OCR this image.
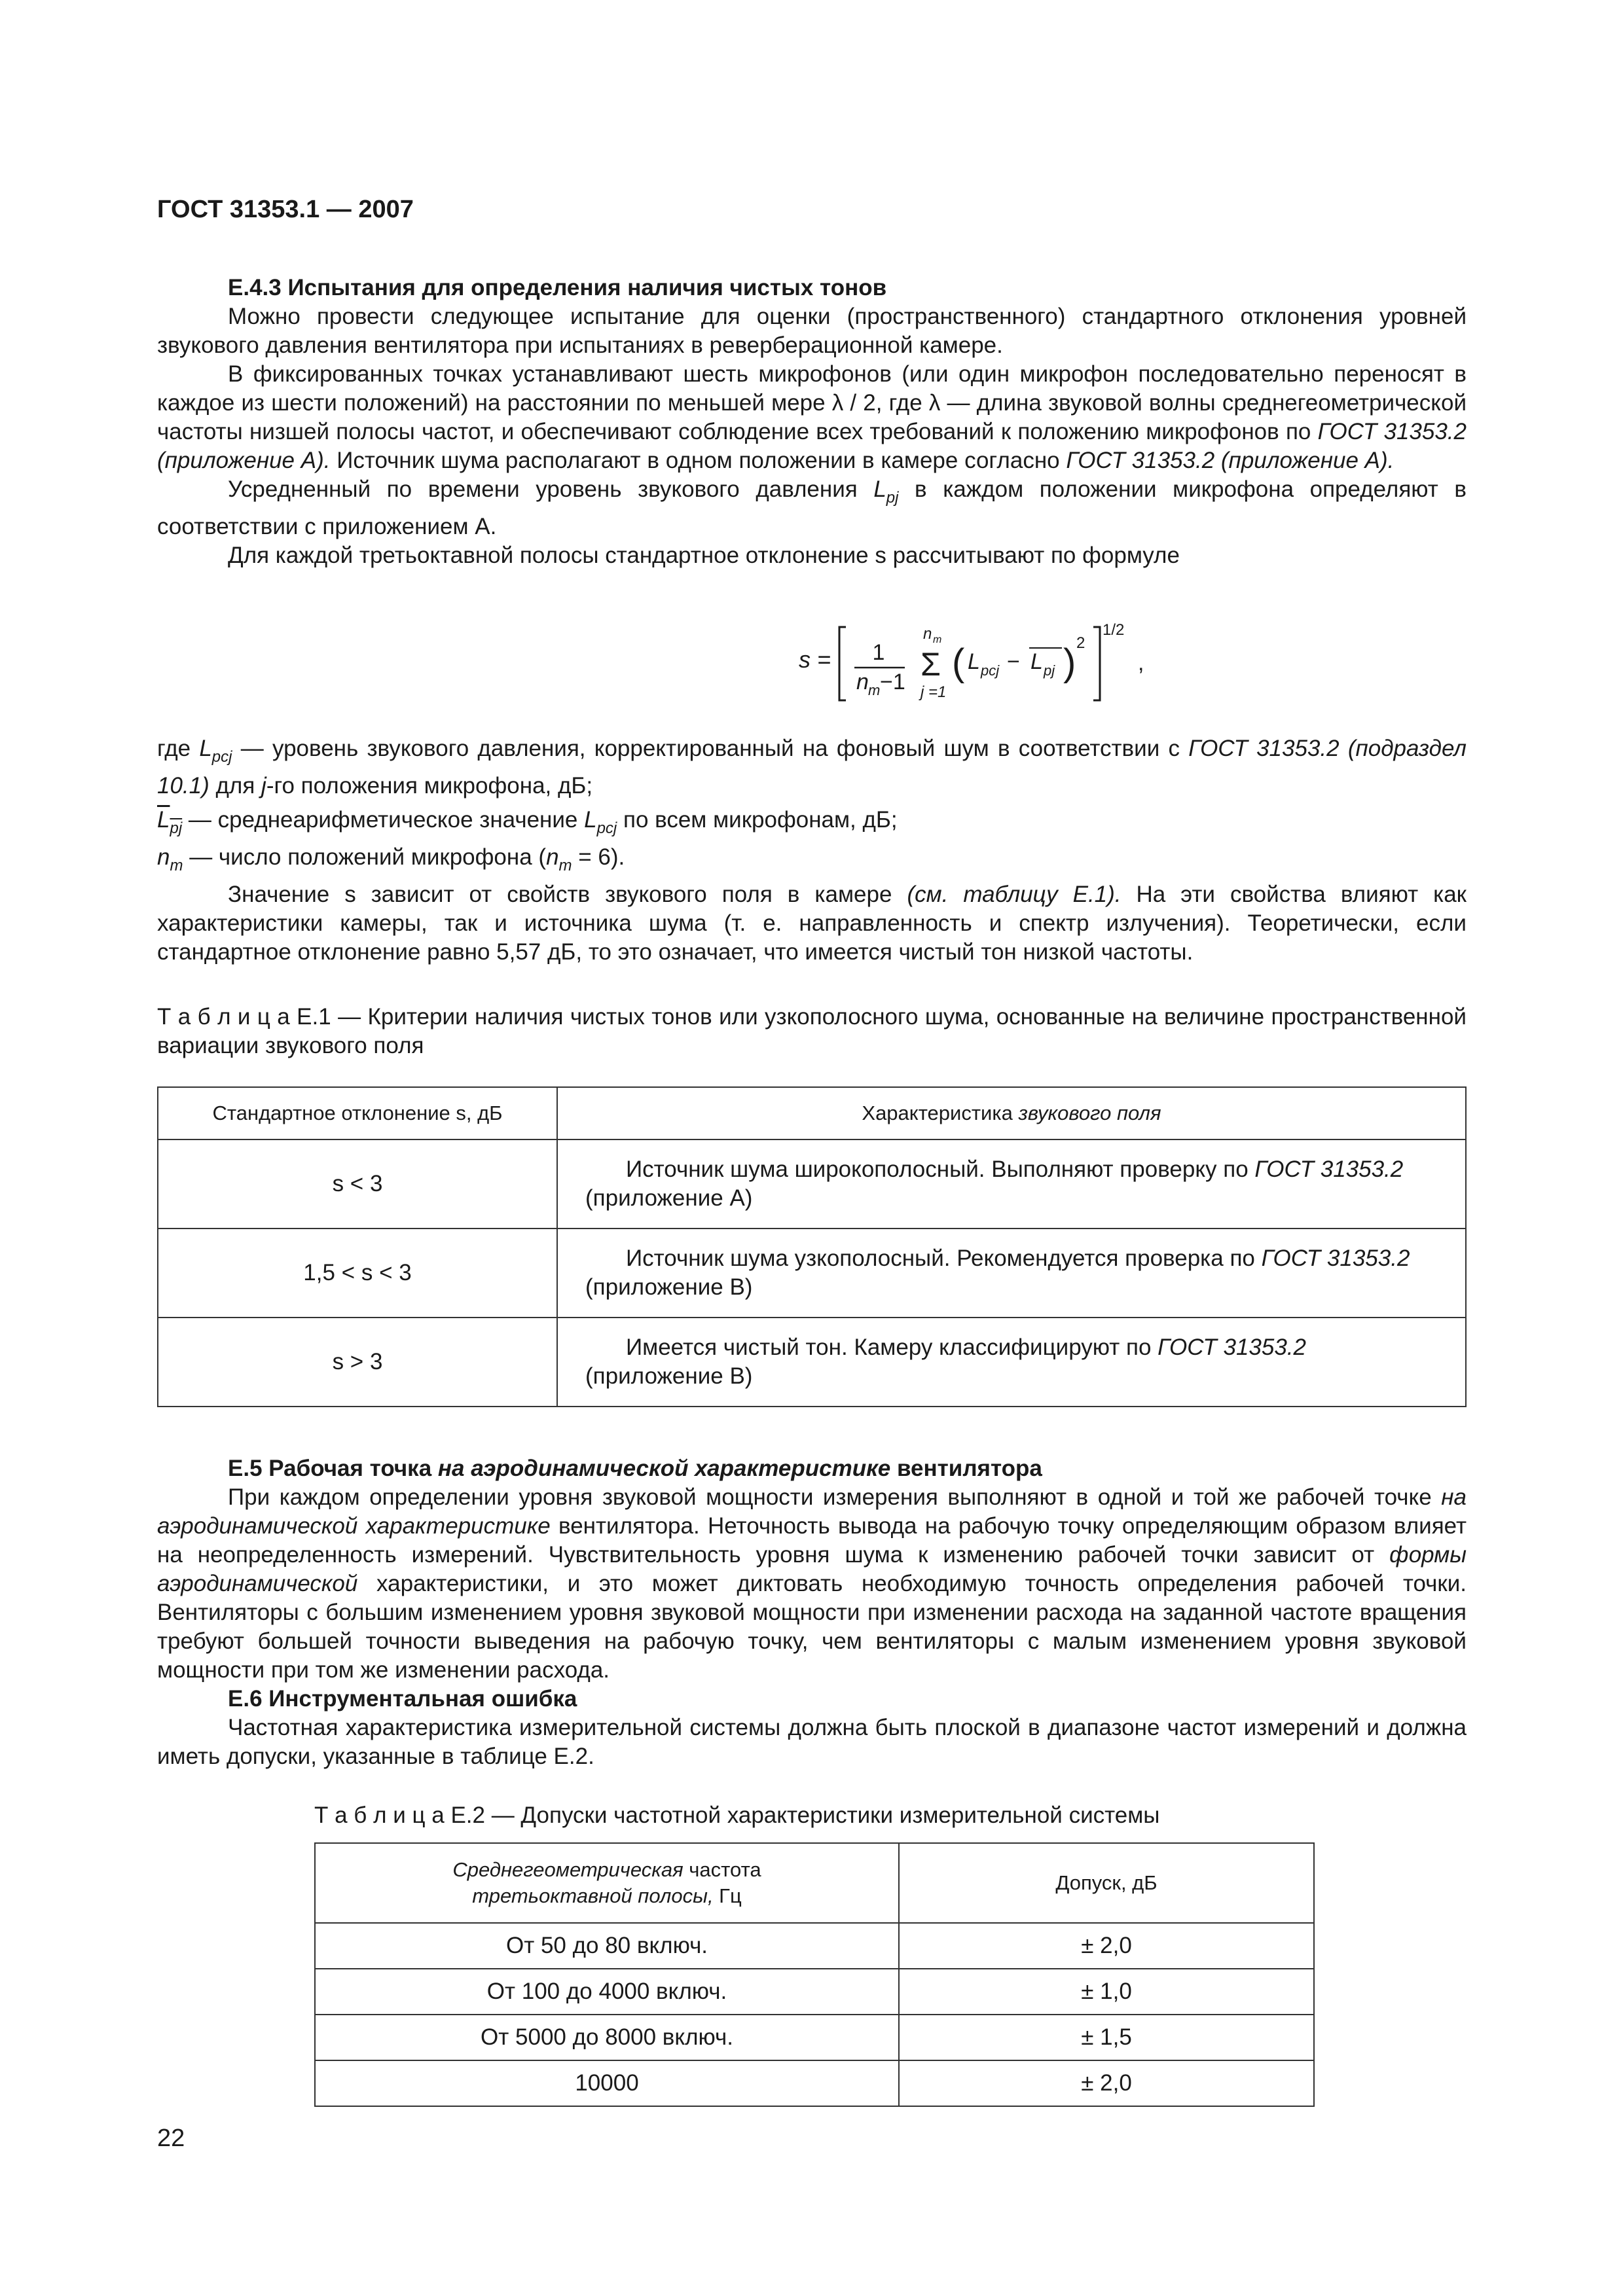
ГОСТ 31353.1 — 2007

Е.4.3 Испытания для определения наличия чистых тонов

Можно провести следующее испытание для оценки (пространственного) стандартного отклонения уровней звукового давления вентилятора при испытаниях в реверберационной камере.

В фиксированных точках устанавливают шесть микрофонов (или один микрофон последовательно переносят в каждое из шести положений) на расстоянии по меньшей мере λ / 2, где λ — длина звуковой волны среднегеометрической частоты низшей полосы частот, и обеспечивают соблюдение всех требований к положению микрофонов по ГОСТ 31353.2 (приложение А). Источник шума располагают в одном положении в камере согласно ГОСТ 31353.2 (приложение А).

Усредненный по времени уровень звукового давления $L_{pj}$ в каждом положении микрофона определяют в соответствии с приложением А.

Для каждой третьоктавной полосы стандартное отклонение s рассчитывают по формуле

s = 1
n m −1
n m
Σ
j =1
( L pcj − L pj ) 2
1/2
,

где $L_{pcj}$ — уровень звукового давления, корректированный на фоновый шум в соответствии с ГОСТ 31353.2 (подраздел 10.1) для j-го положения микрофона, дБ;

$\overline{L}_{\overline{pj}}$ — среднеарифметическое значение $L_{pcj}$ по всем микрофонам, дБ;

$n_m$ — число положений микрофона $(n_m = 6)$.

Значение s зависит от свойств звукового поля в камере (см. таблицу Е.1). На эти свойства влияют как характеристики камеры, так и источника шума (т. е. направленность и спектр излучения). Теоретически, если стандартное отклонение равно 5,57 дБ, то это означает, что имеется чистый тон низкой частоты.

Т а б л и ц а Е.1 — Критерии наличия чистых тонов или узкополосного шума, основанные на величине пространственной вариации звукового поля

Стандартное отклонение s, дБ	Характеристика звукового поля
s < 3	Источник шума широкополосный. Выполняют проверку по ГОСТ 31353.2
(приложение А)
1,5 < s < 3	Источник шума узкополосный. Рекомендуется проверка по ГОСТ 31353.2
(приложение В)
s > 3	Имеется чистый тон. Камеру классифицируют по ГОСТ 31353.2 (приложение В)

Е.5 Рабочая точка на аэродинамической характеристике вентилятора

При каждом определении уровня звуковой мощности измерения выполняют в одной и той же рабочей точке на аэродинамической характеристике вентилятора. Неточность вывода на рабочую точку определяющим образом влияет на неопределенность измерений. Чувствительность уровня шума к изменению рабочей точки зависит от формы аэродинамической характеристики, и это может диктовать необходимую точность определения рабочей точки. Вентиляторы с большим изменением уровня звуковой мощности при изменении расхода на заданной частоте вращения требуют большей точности выведения на рабочую точку, чем вентиляторы с малым изменением уровня звуковой мощности при том же изменении расхода.

Е.6 Инструментальная ошибка

Частотная характеристика измерительной системы должна быть плоской в диапазоне частот измерений и должна иметь допуски, указанные в таблице Е.2.

Т а б л и ц а Е.2 — Допуски частотной характеристики измерительной системы

Среднегеометрическая частота
третьоктавной полосы, Гц	Допуск, дБ
От 50 до 80 включ.	± 2,0
От 100 до 4000 включ.	± 1,0
От 5000 до 8000 включ.	± 1,5
10000	± 2,0
22
